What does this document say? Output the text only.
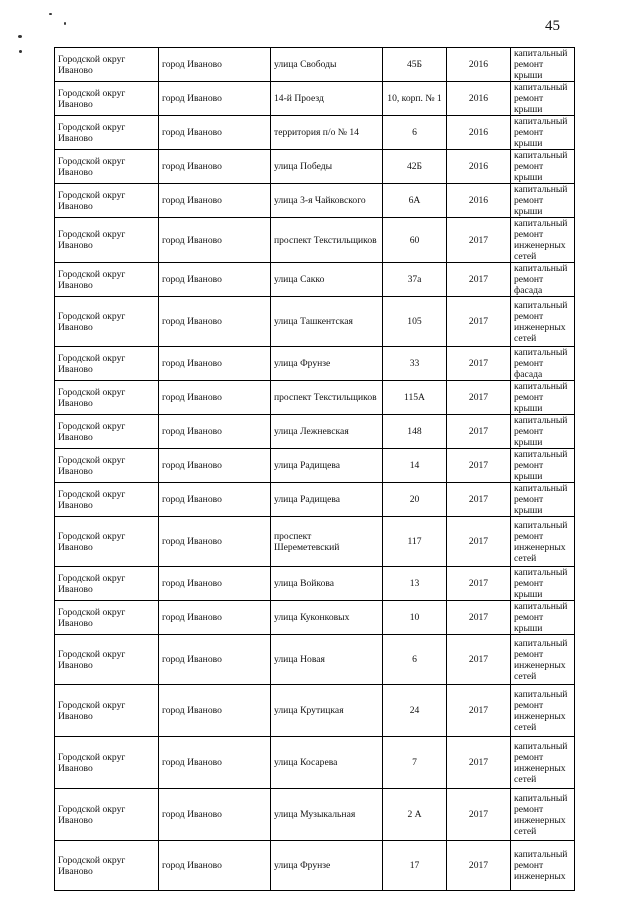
45
Городской округ Иваново	город Иваново	улица Свободы	45Б	2016	капитальный ремонт крыши
Городской округ Иваново	город Иваново	14-й Проезд	10, корп. № 1	2016	капитальный ремонт крыши
Городской округ Иваново	город Иваново	территория п/о № 14	6	2016	капитальный ремонт крыши
Городской округ Иваново	город Иваново	улица Победы	42Б	2016	капитальный ремонт крыши
Городской округ Иваново	город Иваново	улица 3-я Чайковского	6А	2016	капитальный ремонт крыши
Городской округ Иваново	город Иваново	проспект Текстильщиков	60	2017	капитальный ремонт инженерных сетей
Городской округ Иваново	город Иваново	улица Сакко	37а	2017	капитальный ремонт фасада
Городской округ Иваново	город Иваново	улица Ташкентская	105	2017	капитальный ремонт инженерных сетей
Городской округ Иваново	город Иваново	улица Фрунзе	33	2017	капитальный ремонт фасада
Городской округ Иваново	город Иваново	проспект Текстильщиков	115А	2017	капитальный ремонт крыши
Городской округ Иваново	город Иваново	улица Лежневская	148	2017	капитальный ремонт крыши
Городской округ Иваново	город Иваново	улица Радищева	14	2017	капитальный ремонт крыши
Городской округ Иваново	город Иваново	улица Радищева	20	2017	капитальный ремонт крыши
Городской округ Иваново	город Иваново	проспект Шереметевский	117	2017	капитальный ремонт инженерных сетей
Городской округ Иваново	город Иваново	улица Войкова	13	2017	капитальный ремонт крыши
Городской округ Иваново	город Иваново	улица Куконковых	10	2017	капитальный ремонт крыши
Городской округ Иваново	город Иваново	улица Новая	6	2017	капитальный ремонт инженерных сетей
Городской округ Иваново	город Иваново	улица Крутицкая	24	2017	капитальный ремонт инженерных сетей
Городской округ Иваново	город Иваново	улица Косарева	7	2017	капитальный ремонт инженерных сетей
Городской округ Иваново	город Иваново	улица Музыкальная	2 А	2017	капитальный ремонт инженерных сетей
Городской округ Иваново	город Иваново	улица Фрунзе	17	2017	капитальный ремонт инженерных
